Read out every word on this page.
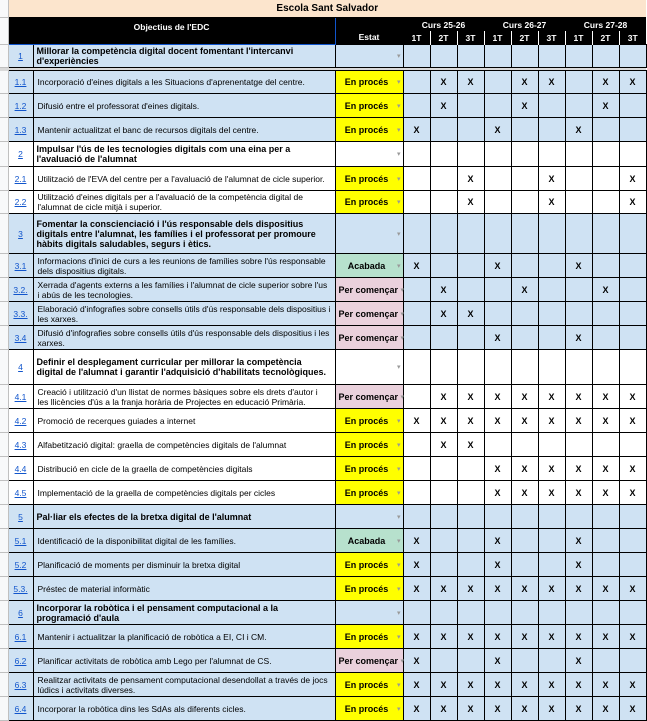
	Escola Sant Salvador											
	Objectius de l'EDC		Estat	Curs 25-26			Curs 26-27			Curs 27-28		
				1T	2T	3T	1T	2T	3T	1T	2T	3T
	1	Millorar la competència digital docent fomentant l'intercanvi d'experiències	▾									

	1.1	Incorporació d'eines digitals a les Situacions d'aprenentatge del centre.	En procés ▾		X	X		X	X		X	X
	1.2	Difusió entre el professorat d'eines digitals.	En procés ▾		X			X			X	
	1.3	Mantenir actualitzat el banc de recursos digitals del centre.	En procés ▾	X			X			X		
	2	Impulsar l'ús de les tecnologies digitals com una eina per a l'avaluació de l'alumnat	▾									

	2.1	Utilització de l'EVA del centre per a l'avaluació de l'alumnat de cicle superior.	En procés ▾			X			X			X
	2.2	Utilització d'eines digitals per a l'avaluació de la competència digital de l'alumnat de cicle mitjà i superior.	En procés ▾			X			X			X
	3	Fomentar la conscienciació i l'ús responsable dels dispositius digitals entre l'alumnat, les famílies i el professorat per promoure hàbits digitals saludables, segurs i ètics.	▾									

	3.1	Informacions d'inici de curs a les reunions de famílies sobre l'ús responsable dels dispositius digitals.	Acabada ▾	X			X			X		
	3.2.	Xerrada d'agents externs a les famílies i l'alumnat de cicle superior sobre l'us i abús de les tecnologies.	Per començar ▾		X			X			X	
	3.3.	Elaboració d'infografies sobre consells útils d'ús responsable dels dispositius i les xarxes.	Per començar ▾		X	X						
	3.4	Difusió d'infografies sobre consells útils d'ús responsable dels dispositius i les xarxes.	Per començar ▾				X			X		
	4	Definir el desplegament curricular per millorar la competència digital de l'alumnat i garantir l'adquisició d'habilitats tecnològiques.	▾									

	4.1	Creació i utilització d'un llistat de normes bàsiques sobre els drets d'autor i les llicències d'ús a la franja horària de Projectes en educació Primària.	Per començar ▾		X	X	X	X	X	X	X	X
	4.2	Promoció de recerques guiades a internet	En procés ▾	X	X	X	X	X	X	X	X	X
	4.3	Alfabetització digital: graella de competències digitals de l'alumnat	En procés ▾		X	X						
	4.4	Distribució en cicle de la graella de competències digitals	En procés ▾				X	X	X	X	X	X
	4.5	Implementació de la graella de competències digitals per cicles	En procés ▾				X	X	X	X	X	X
	5	Pal·liar els efectes de la bretxa digital de l'alumnat	▾									

	5.1	Identificació de la disponibilitat digital de les famílies.	Acabada ▾	X			X			X		
	5.2	Planificació de moments per disminuir la bretxa digital	En procés ▾	X			X			X		
	5.3.	Préstec de material informàtic	En procés ▾	X	X	X	X	X	X	X	X	X
	6	Incorporar la robòtica i el pensament computacional a la programació d'aula	▾									

	6.1	Mantenir i actualitzar la planificació de robòtica a EI, CI i CM.	En procés ▾	X	X	X	X	X	X	X	X	X
	6.2	Planificar activitats de robòtica amb Lego per l'alumnat de CS.	Per començar ▾	X			X			X		
	6.3	Realitzar activitats de pensament computacional desendollat a través de jocs lúdics i activitats diverses.	En procés ▾	X	X	X	X	X	X	X	X	X
	6.4	Incorporar la robòtica dins les SdAs als diferents cicles.	En procés ▾	X	X	X	X	X	X	X	X	X
